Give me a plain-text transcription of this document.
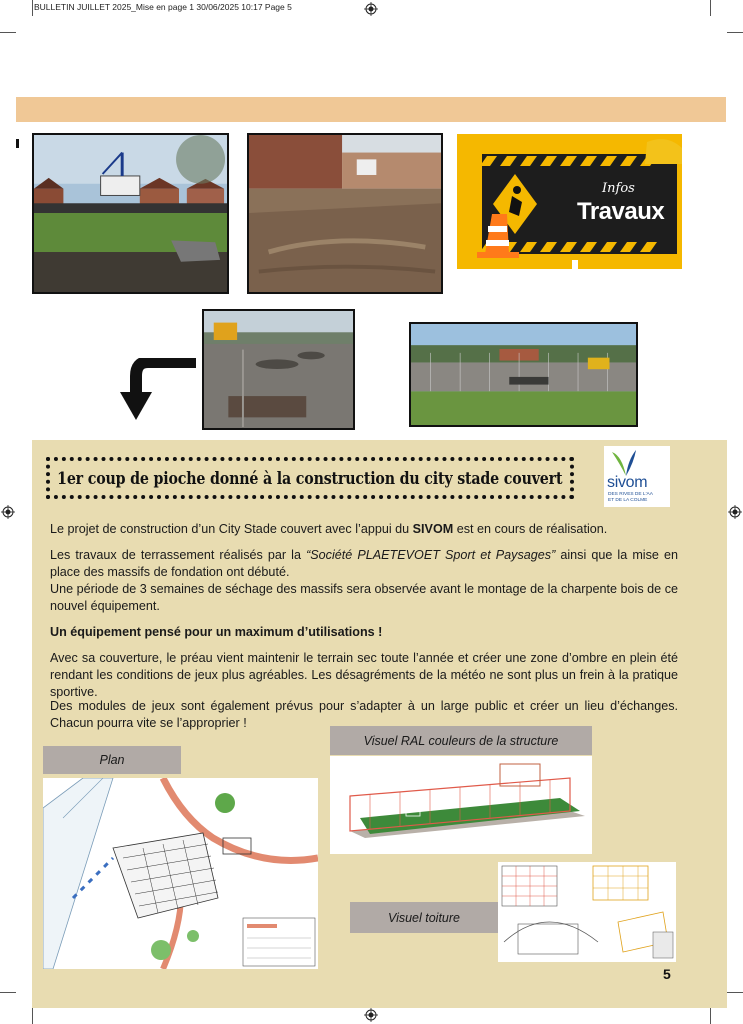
BULLETIN JUILLET 2025_Mise en page 1 30/06/2025 10:17 Page 5
Infos
Travaux
1er coup de pioche donné à la construction du city stade couvert	sivom
DES RIVES DE L'AA
ET DE LA COLME
Le projet de construction d’un City Stade couvert avec l’appui du SIVOM est en cours de réalisation.
Les travaux de terrassement réalisés par la “Société PLAETEVOET Sport et Paysages” ainsi que la mise en place des massifs de fondation ont débuté.
Une période de 3 semaines de séchage des massifs sera observée avant le montage de la charpente bois de ce nouvel équipement.
Un équipement pensé pour un maximum d’utilisations !
Avec sa couverture, le préau vient maintenir le terrain sec toute l’année et créer une zone d’ombre en plein été rendant les conditions de jeux plus agréables. Les désagréments de la météo ne sont plus un frein à la pratique sportive.
Des modules de jeux sont également prévus pour s’adapter à un large public et créer un lieu d’échanges. Chacun pourra vite se l’approprier !
Plan
Visuel RAL couleurs de la structure
Visuel toiture
5
